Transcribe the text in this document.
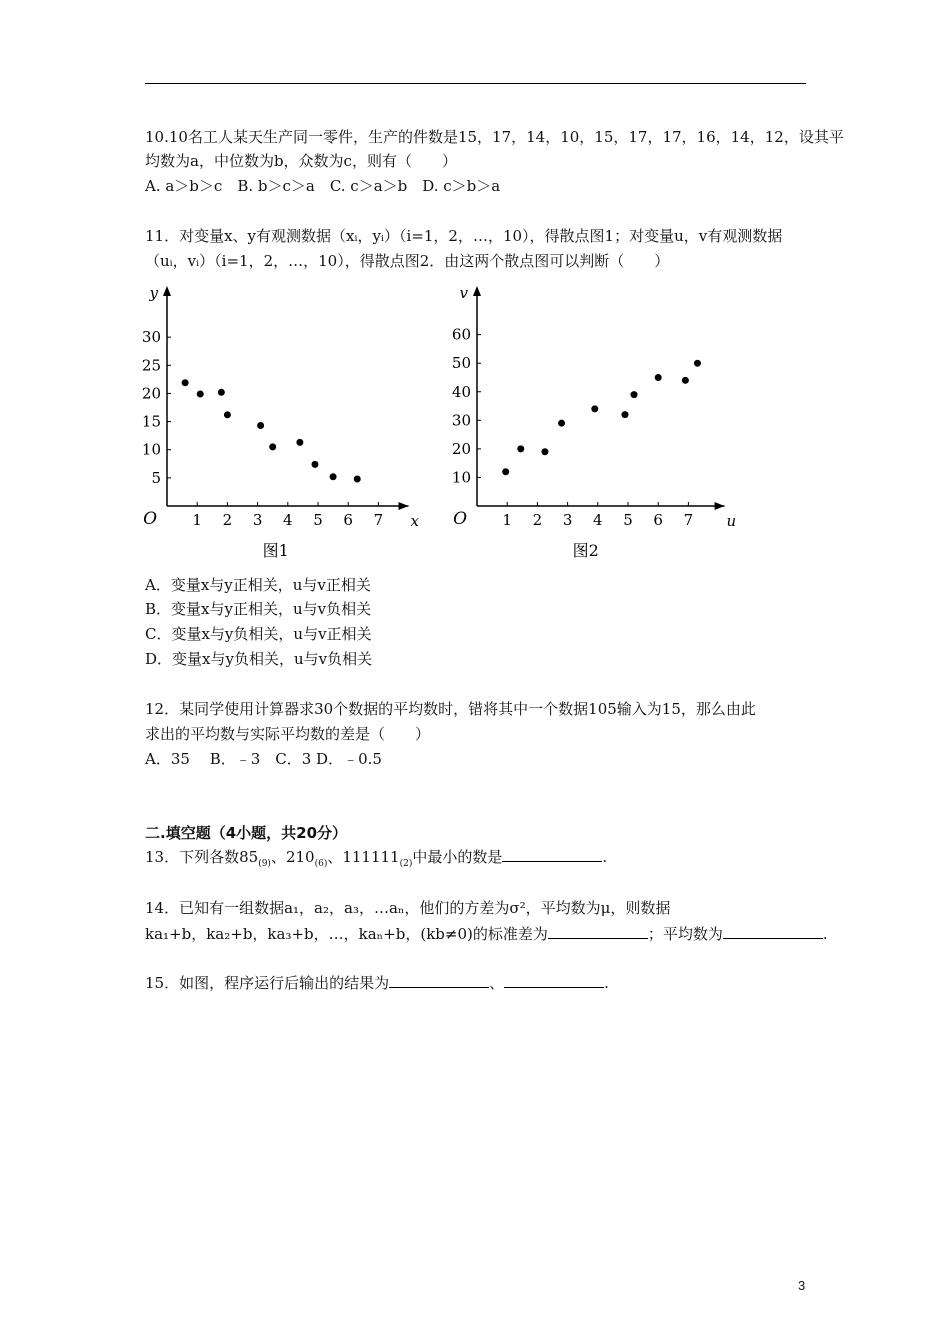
10.10名工人某天生产同一零件，生产的件数是15，17，14，10，15，17，17，16，14，12，设其平
均数为a，中位数为b，众数为c，则有（　　）
A. a＞b＞c　B. b＞c＞a　C. c＞a＞b　D. c＞b＞a
11．对变量x、y有观测数据（xᵢ，yᵢ）（i=1，2，…，10），得散点图1；对变量u，v有观测数据
（uᵢ，vᵢ）（i=1，2，…，10），得散点图2．由这两个散点图可以判断（　　）
1 2 3 4 5 6 7
5
10
15
20
25
30
y
x
O
图1
1 2 3 4 5 6 7
10
20
30
40
50
60
v
u
O
图2
A．变量x与y正相关，u与v正相关
B．变量x与y正相关，u与v负相关
C．变量x与y负相关，u与v正相关
D．变量x与y负相关，u与v负相关
12．某同学使用计算器求30个数据的平均数时，错将其中一个数据105输入为15，那么由此
求出的平均数与实际平均数的差是（　　）
A．35　 B．﹣3　C．3 D．﹣0.5
二.填空题（4小题，共20分）
13．下列各数$85_{(9)}$、$210_{(6)}$、$111111_{(2)}$中最小的数是	.
14．已知有一组数据a₁，a₂，a₃，…aₙ，他们的方差为σ²，平均数为μ，则数据
ka₁+b，ka₂+b，ka₃+b，…，kaₙ+b，(kb≠0)的标准差为	；平均数为	.
15．如图，程序运行后输出的结果为	、	.
3
